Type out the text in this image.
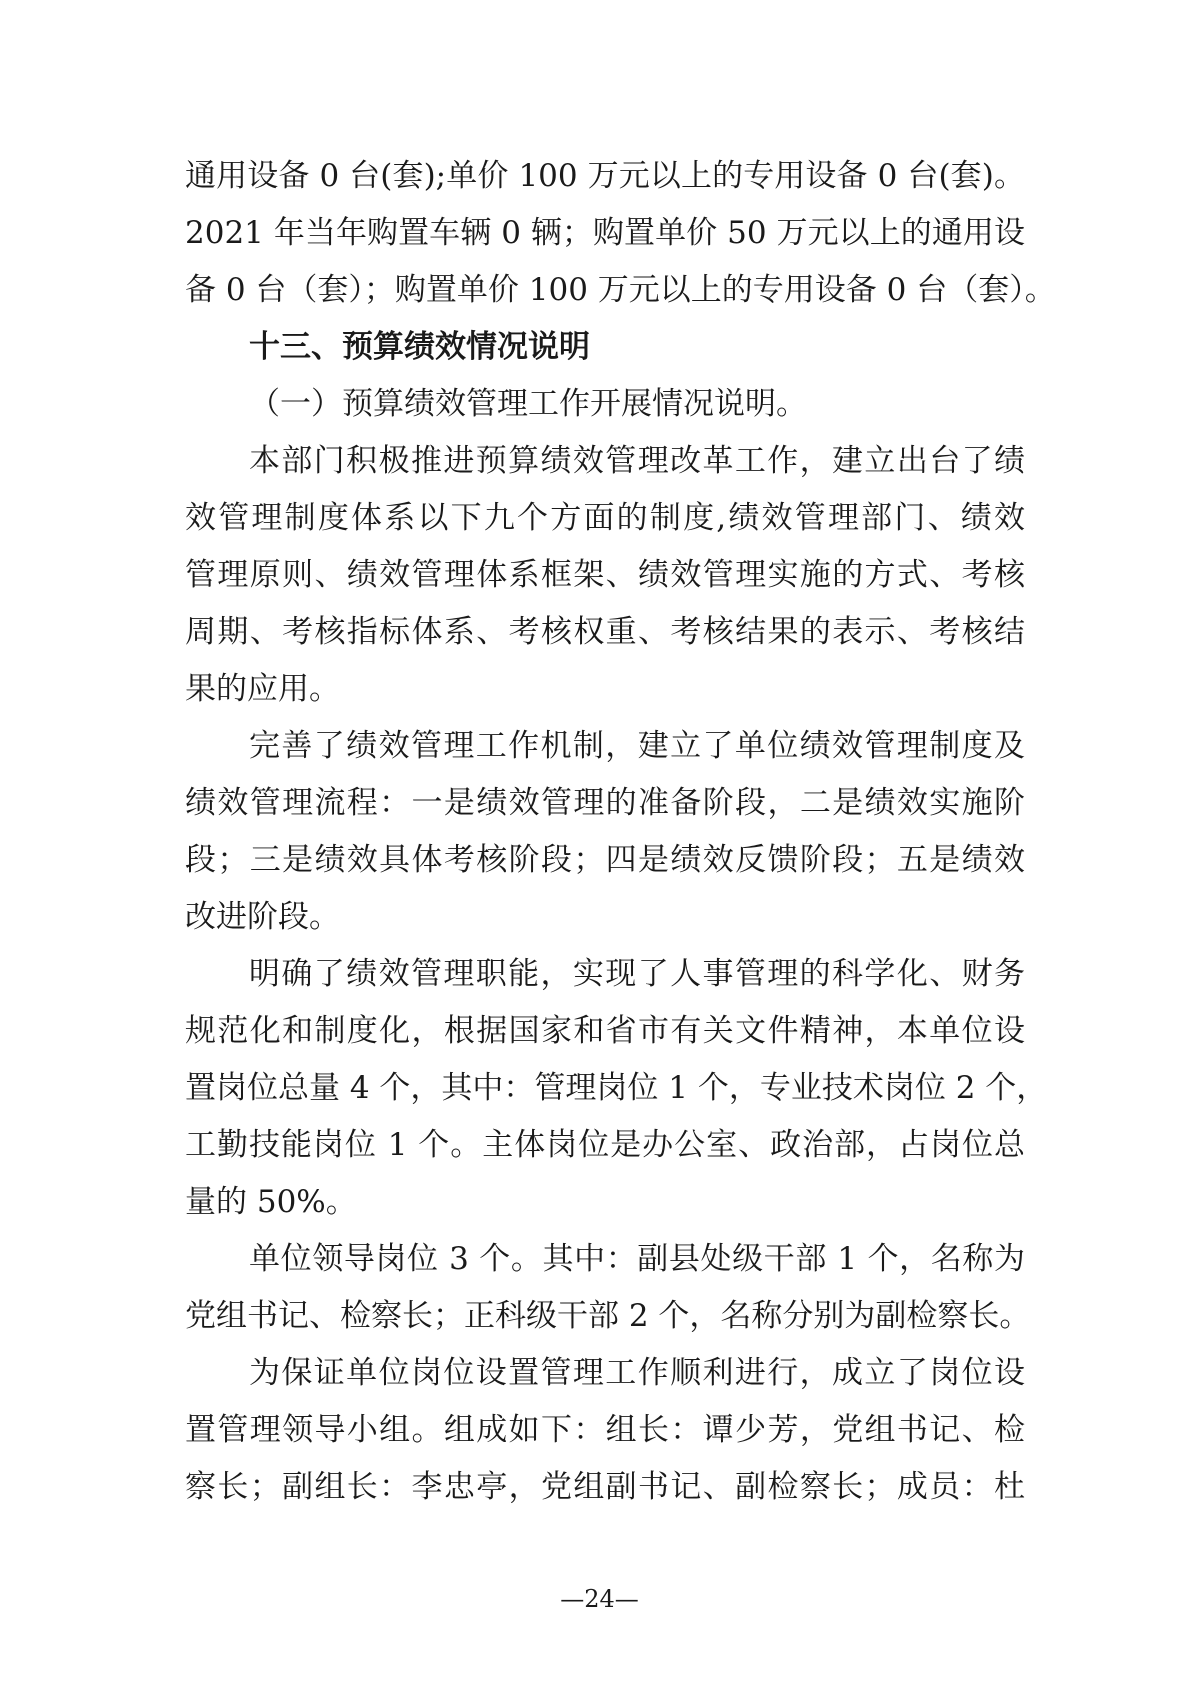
通用设备 0 台(套);单价 100 万元以上的专用设备 0 台(套)。
2021 年当年购置车辆 0 辆；购置单价 50 万元以上的通用设
备 0 台（套）；购置单价 100 万元以上的专用设备 0 台（套）。
十三、预算绩效情况说明
（一）预算绩效管理工作开展情况说明。
本部门积极推进预算绩效管理改革工作，建立出台了绩
效管理制度体系以下九个方面的制度,绩效管理部门、绩效
管理原则、绩效管理体系框架、绩效管理实施的方式、考核
周期、考核指标体系、考核权重、考核结果的表示、考核结
果的应用。
完善了绩效管理工作机制，建立了单位绩效管理制度及
绩效管理流程：一是绩效管理的准备阶段，二是绩效实施阶
段；三是绩效具体考核阶段；四是绩效反馈阶段；五是绩效
改进阶段。
明确了绩效管理职能，实现了人事管理的科学化、财务
规范化和制度化，根据国家和省市有关文件精神，本单位设
置岗位总量 4 个，其中：管理岗位 1 个，专业技术岗位 2 个，
工勤技能岗位 1 个。主体岗位是办公室、政治部，占岗位总
量的 50%。
单位领导岗位 3 个。其中：副县处级干部 1 个，名称为
党组书记、检察长；正科级干部 2 个，名称分别为副检察长。
为保证单位岗位设置管理工作顺利进行，成立了岗位设
置管理领导小组。组成如下：组长：谭少芳，党组书记、检
察长；副组长：李忠亭，党组副书记、副检察长；成员：杜
—24—
